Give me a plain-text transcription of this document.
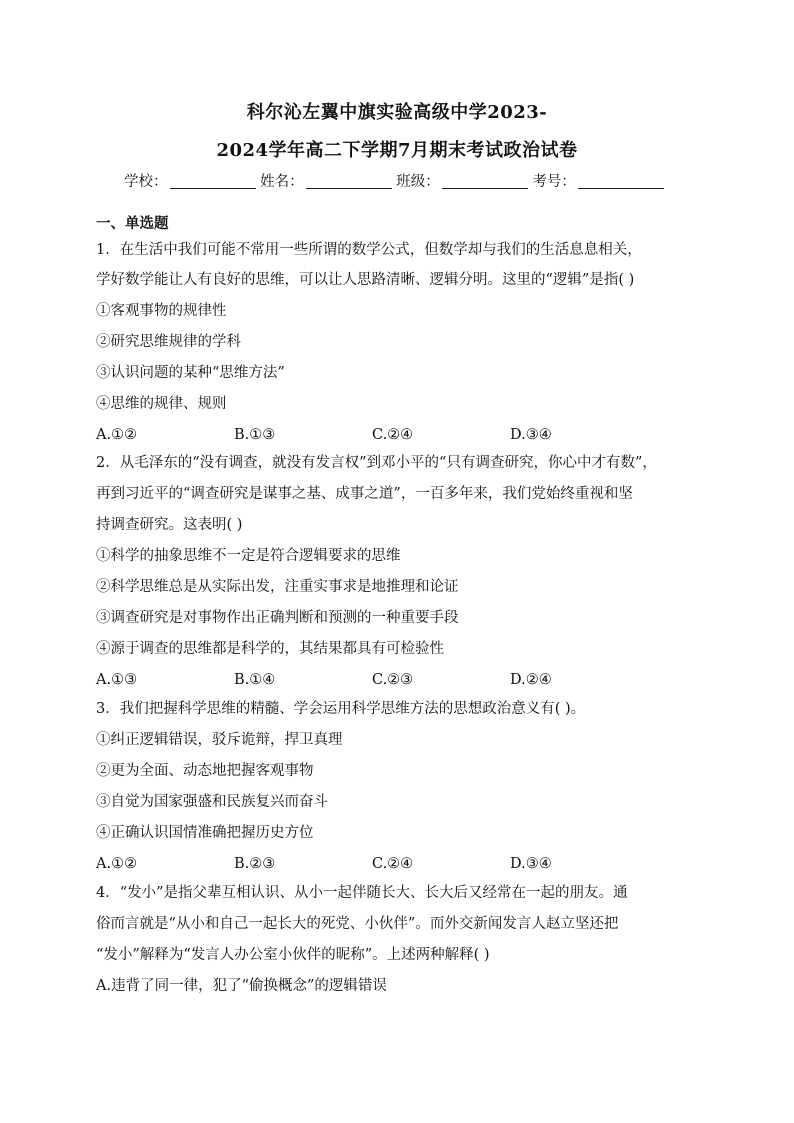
科尔沁左翼中旗实验高级中学2023-
2024学年高二下学期7月期末考试政治试卷
学校：	姓名：	班级：	考号：
一、单选题
1．在生活中我们可能不常用一些所谓的数学公式，但数学却与我们的生活息息相关，
学好数学能让人有良好的思维，可以让人思路清晰、逻辑分明。这里的“逻辑”是指( )
①客观事物的规律性
②研究思维规律的学科
③认识问题的某种“思维方法”
④思维的规律、规则
A.①②	B.①③	C.②④	D.③④
2．从毛泽东的“没有调查，就没有发言权”到邓小平的“只有调查研究，你心中才有数”，
再到习近平的“调查研究是谋事之基、成事之道”，一百多年来，我们党始终重视和坚
持调查研究。这表明( )
①科学的抽象思维不一定是符合逻辑要求的思维
②科学思维总是从实际出发，注重实事求是地推理和论证
③调查研究是对事物作出正确判断和预测的一种重要手段
④源于调查的思维都是科学的，其结果都具有可检验性
A.①③	B.①④	C.②③	D.②④
3．我们把握科学思维的精髓、学会运用科学思维方法的思想政治意义有( )。
①纠正逻辑错误，驳斥诡辩，捍卫真理
②更为全面、动态地把握客观事物
③自觉为国家强盛和民族复兴而奋斗
④正确认识国情准确把握历史方位
A.①②	B.②③	C.②④	D.③④
4．“发小”是指父辈互相认识、从小一起伴随长大、长大后又经常在一起的朋友。通
俗而言就是“从小和自己一起长大的死党、小伙伴”。而外交新闻发言人赵立坚还把
“发小”解释为“发言人办公室小伙伴的昵称”。上述两种解释( )
A.违背了同一律，犯了“偷换概念”的逻辑错误
